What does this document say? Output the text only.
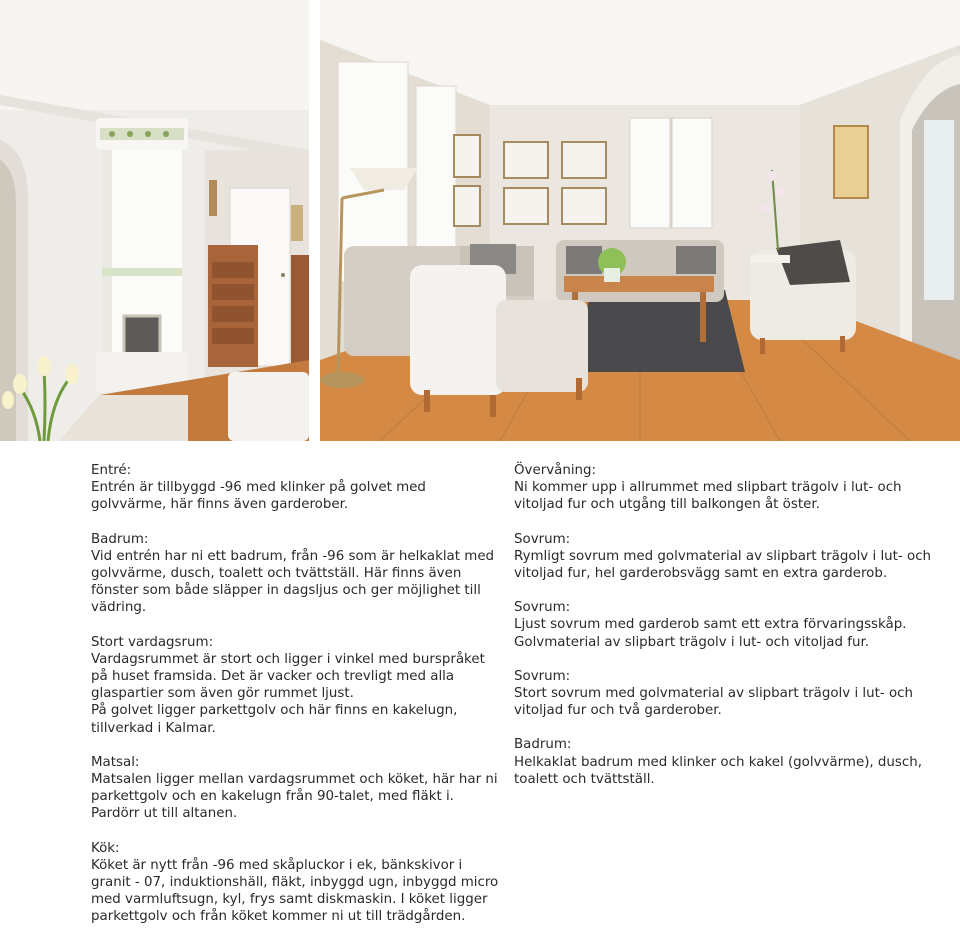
Entré:

Entrén är tillbyggd -96 med klinker på golvet med golvvärme, här finns även garderober.

Badrum:

Vid entrén har ni ett badrum, från -96 som är helkaklat med golvvärme, dusch, toalett och tvättställ. Här finns även fönster som både släpper in dagsljus och ger möjlighet till vädring.

Stort vardagsrum:

Vardagsrummet är stort och ligger i vinkel med burspråket på huset framsida. Det är vacker och trevligt med alla glaspartier som även gör rummet ljust.

På golvet ligger parkettgolv och här finns en kakelugn, tillverkad i Kalmar.

Matsal:

Matsalen ligger mellan vardagsrummet och köket, här har ni parkettgolv och en kakelugn från 90-talet, med fläkt i. Pardörr ut till altanen.

Kök:

Köket är nytt från -96 med skåpluckor i ek, bänkskivor i granit - 07, induktionshäll, fläkt, inbyggd ugn, inbyggd micro med varmluftsugn, kyl, frys samt diskmaskin. I köket ligger parkettgolv och från köket kommer ni ut till trädgården.

Övervåning:

Ni kommer upp i allrummet med slipbart trägolv i lut- och vitoljad fur och utgång till balkongen åt öster.

Sovrum:

Rymligt sovrum med golvmaterial av slipbart trägolv i lut- och vitoljad fur, hel garderobsvägg samt en extra garderob.

Sovrum:

Ljust sovrum med garderob samt ett extra förvaringsskåp. Golvmaterial av slipbart trägolv i lut- och vitoljad fur.

Sovrum:

Stort sovrum med golvmaterial av slipbart trägolv i lut- och vitoljad fur och två garderober.

Badrum:

Helkaklat badrum med klinker och kakel (golvvärme), dusch, toalett och tvättställ.
